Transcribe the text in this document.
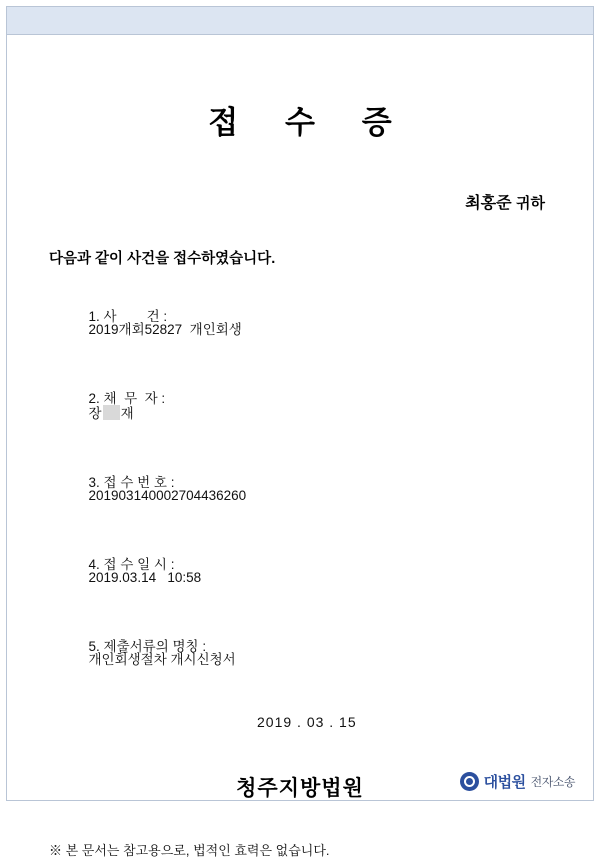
접 수 증
최홍준 귀하
다음과 같이 사건을 접수하였습니다.

1. 사        건 :
2019개회52827  개인회생

2. 채  무  자 :
장 재

3. 접 수 번 호 :
201903140002704436260

4. 접 수 일 시 :
2019.03.14   10:58

5. 제출서류의 명칭 :
개인회생절차 개시신청서

2019 . 03 . 15
청주지방법원
※ 본 문서는 참고용으로, 법적인 효력은 없습니다.
대법원 전자소송
